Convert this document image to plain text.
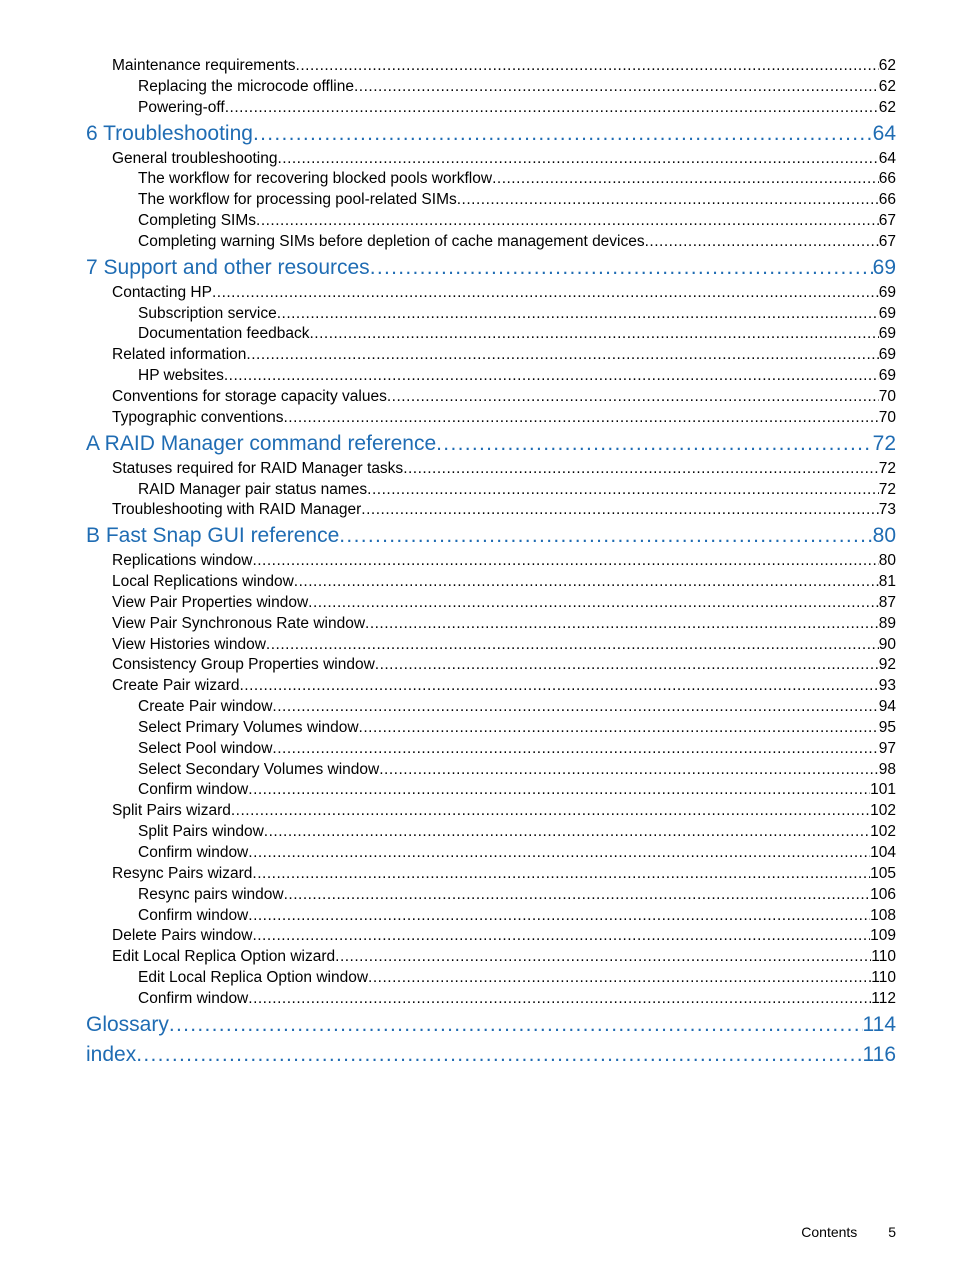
Maintenance requirements .....	62
Replacing the microcode offline .....	62
Powering-off .....	62
6 Troubleshooting .....	64
General troubleshooting .....	64
The workflow for recovering blocked pools workflow .....	66
The workflow for processing pool-related SIMs .....	66
Completing SIMs .....	67
Completing warning SIMs before depletion of cache management devices .....	67
7 Support and other resources .....	69
Contacting HP .....	69
Subscription service .....	69
Documentation feedback .....	69
Related information .....	69
HP websites .....	69
Conventions for storage capacity values .....	70
Typographic conventions .....	70
A RAID Manager command reference .....	72
Statuses required for RAID Manager tasks .....	72
RAID Manager pair status names .....	72
Troubleshooting with RAID Manager .....	73
B Fast Snap GUI reference .....	80
Replications window .....	80
Local Replications window .....	81
View Pair Properties window .....	87
View Pair Synchronous Rate window .....	89
View Histories window .....	90
Consistency Group Properties window .....	92
Create Pair wizard .....	93
Create Pair window .....	94
Select Primary Volumes window .....	95
Select Pool window .....	97
Select Secondary Volumes window .....	98
Confirm window .....	101
Split Pairs wizard .....	102
Split Pairs window .....	102
Confirm window .....	104
Resync Pairs wizard .....	105
Resync pairs window .....	106
Confirm window .....	108
Delete Pairs window .....	109
Edit Local Replica Option wizard .....	110
Edit Local Replica Option window .....	110
Confirm window .....	112
Glossary .....	114
index .....	116
Contents 5
